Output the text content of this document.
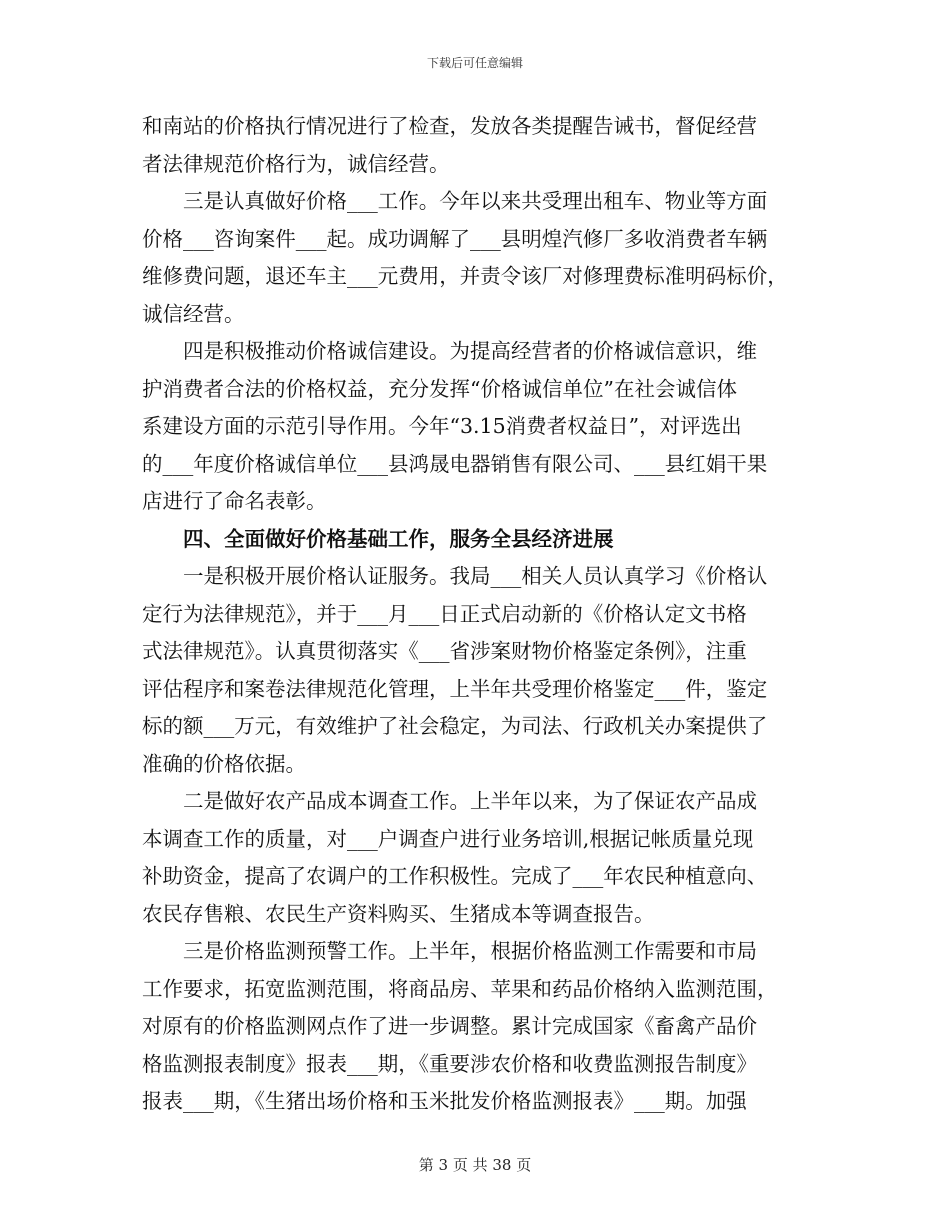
下载后可任意编辑
和南站的价格执行情况进行了检查，发放各类提醒告诫书，督促经营
者法律规范价格行为，诚信经营。
三是认真做好价格___工作。今年以来共受理出租车、物业等方面
价格___咨询案件___起。成功调解了___县明煌汽修厂多收消费者车辆
维修费问题，退还车主___元费用，并责令该厂对修理费标准明码标价，
诚信经营。
四是积极推动价格诚信建设。为提高经营者的价格诚信意识，维
护消费者合法的价格权益，充分发挥“价格诚信单位”在社会诚信体
系建设方面的示范引导作用。今年“3.15消费者权益日”，对评选出
的___年度价格诚信单位___县鸿晟电器销售有限公司、___县红娟干果
店进行了命名表彰。
四、全面做好价格基础工作，服务全县经济进展
一是积极开展价格认证服务。我局___相关人员认真学习《价格认
定行为法律规范》，并于___月___日正式启动新的《价格认定文书格
式法律规范》。认真贯彻落实《___省涉案财物价格鉴定条例》，注重
评估程序和案卷法律规范化管理，上半年共受理价格鉴定___件，鉴定
标的额___万元，有效维护了社会稳定，为司法、行政机关办案提供了
准确的价格依据。
二是做好农产品成本调查工作。上半年以来，为了保证农产品成
本调查工作的质量，对___户调查户进行业务培训,根据记帐质量兑现
补助资金，提高了农调户的工作积极性。完成了___年农民种植意向、
农民存售粮、农民生产资料购买、生猪成本等调查报告。
三是价格监测预警工作。上半年，根据价格监测工作需要和市局
工作要求，拓宽监测范围，将商品房、苹果和药品价格纳入监测范围，
对原有的价格监测网点作了进一步调整。累计完成国家《畜禽产品价
格监测报表制度》报表___期，《重要涉农价格和收费监测报告制度》
报表___期，《生猪出场价格和玉米批发价格监测报表》___期。加强
第 3 页 共 38 页
